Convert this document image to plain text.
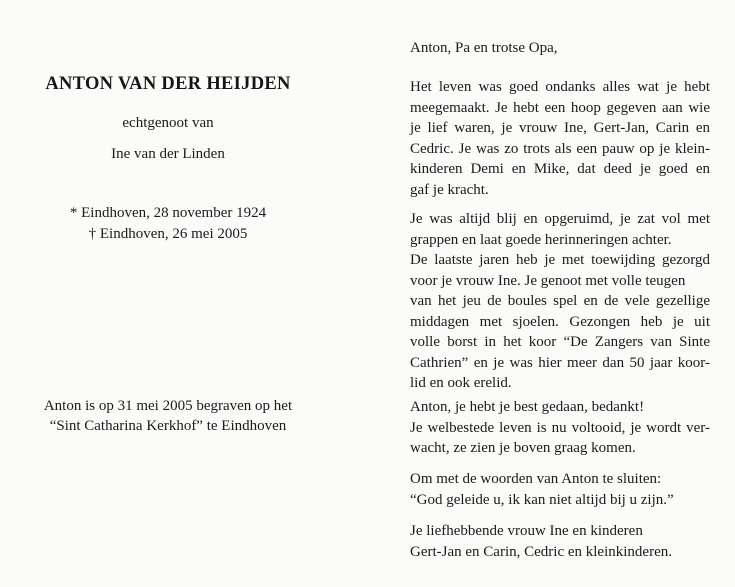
ANTON VAN DER HEIJDEN
echtgenoot van
Ine van der Linden
* Eindhoven, 28 november 1924
† Eindhoven, 26 mei 2005
Anton is op 31 mei 2005 begraven op het
“Sint Catharina Kerkhof” te Eindhoven
Anton, Pa en trotse Opa,
Het leven was goed ondanks alles wat je hebt
meegemaakt. Je hebt een hoop gegeven aan wie
je lief waren, je vrouw Ine, Gert-Jan, Carin en
Cedric. Je was zo trots als een pauw op je klein-
kinderen Demi en Mike, dat deed je goed en
gaf je kracht.
Je was altijd blij en opgeruimd, je zat vol met
grappen en laat goede herinneringen achter.
De laatste jaren heb je met toewijding gezorgd
voor je vrouw Ine. Je genoot met volle teugen
van het jeu de boules spel en de vele gezellige
middagen met sjoelen. Gezongen heb je uit
volle borst in het koor “De Zangers van Sinte
Cathrien” en je was hier meer dan 50 jaar koor-
lid en ook erelid.
Anton, je hebt je best gedaan, bedankt!
Je welbestede leven is nu voltooid, je wordt ver-
wacht, ze zien je boven graag komen.
Om met de woorden van Anton te sluiten:
“God geleide u, ik kan niet altijd bij u zijn.”
Je liefhebbende vrouw Ine en kinderen
Gert-Jan en Carin, Cedric en kleinkinderen.
